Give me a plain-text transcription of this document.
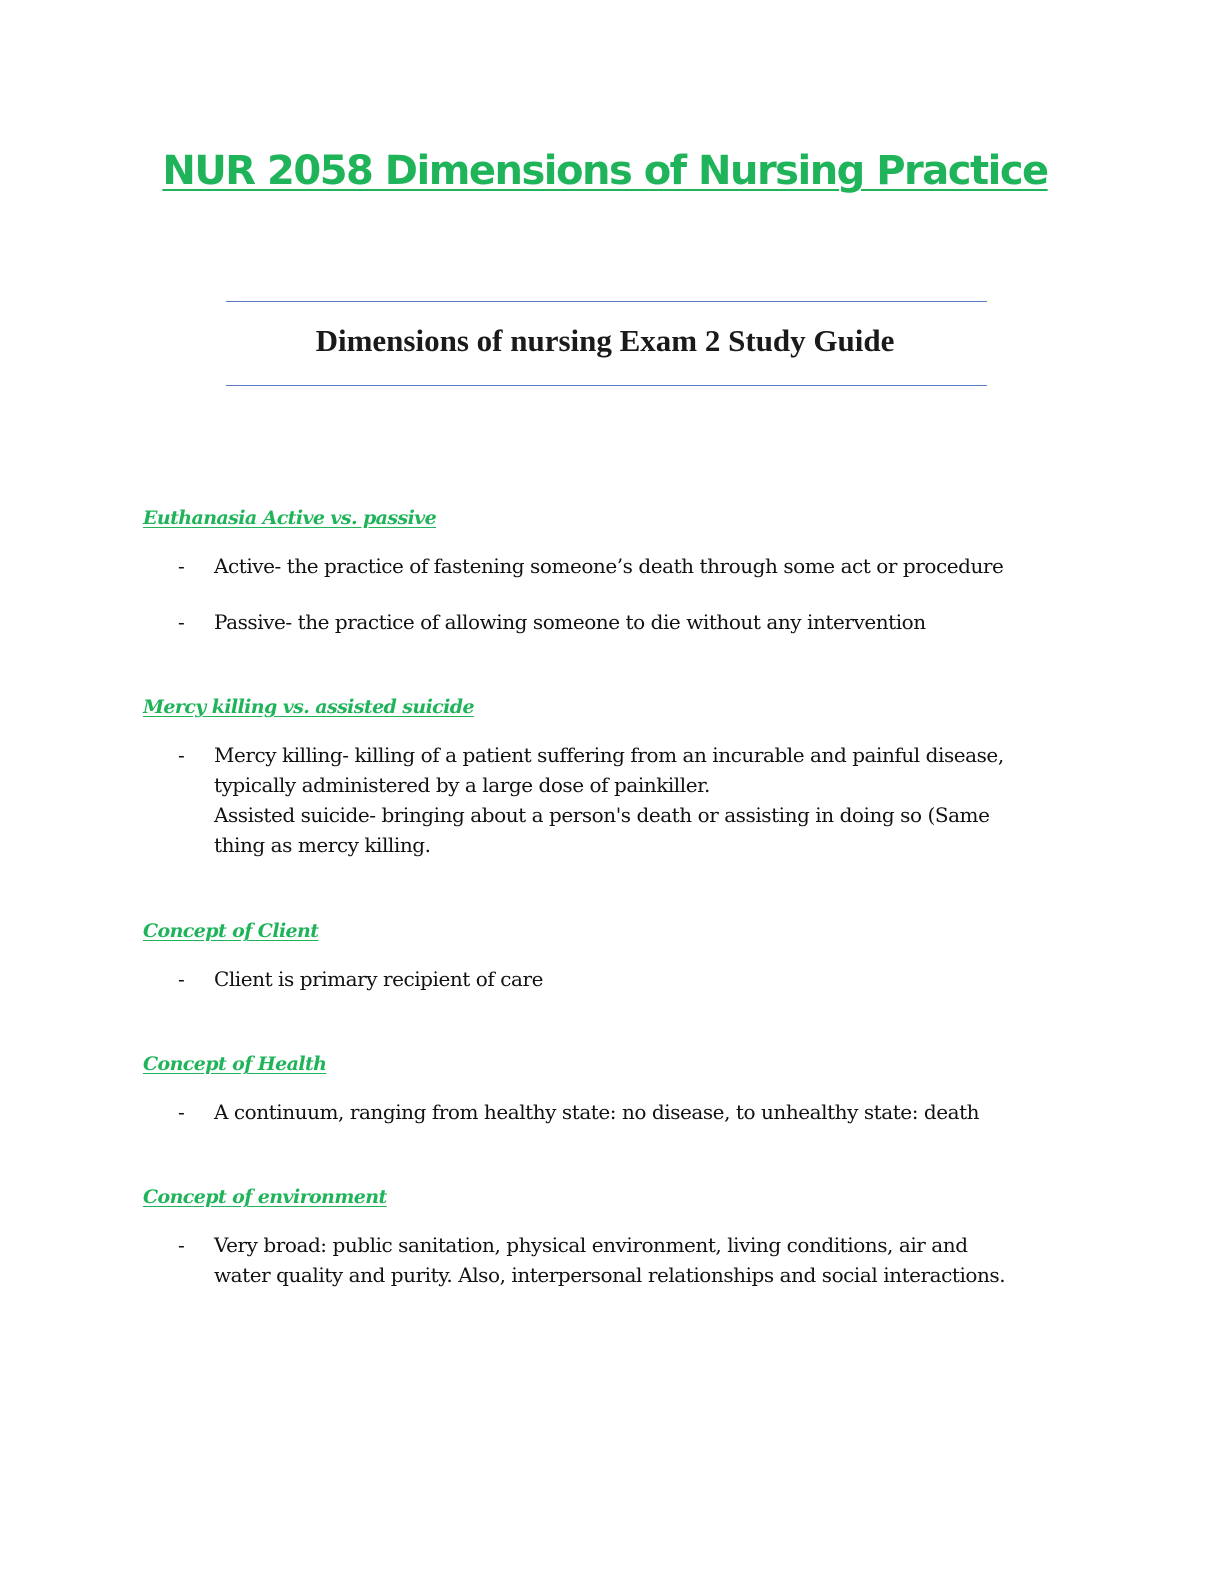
NUR 2058 Dimensions of Nursing Practice
Dimensions of nursing Exam 2 Study Guide
Euthanasia Active vs. passive
- Active- the practice of fastening someone’s death through some act or procedure
- Passive- the practice of allowing someone to die without any intervention
Mercy killing vs. assisted suicide
- Mercy killing- killing of a patient suffering from an incurable and painful disease,
typically administered by a large dose of painkiller.
Assisted suicide- bringing about a person's death or assisting in doing so (Same
thing as mercy killing.
Concept of Client
- Client is primary recipient of care
Concept of Health
- A continuum, ranging from healthy state: no disease, to unhealthy state: death
Concept of environment
- Very broad: public sanitation, physical environment, living conditions, air and
water quality and purity. Also, interpersonal relationships and social interactions.
